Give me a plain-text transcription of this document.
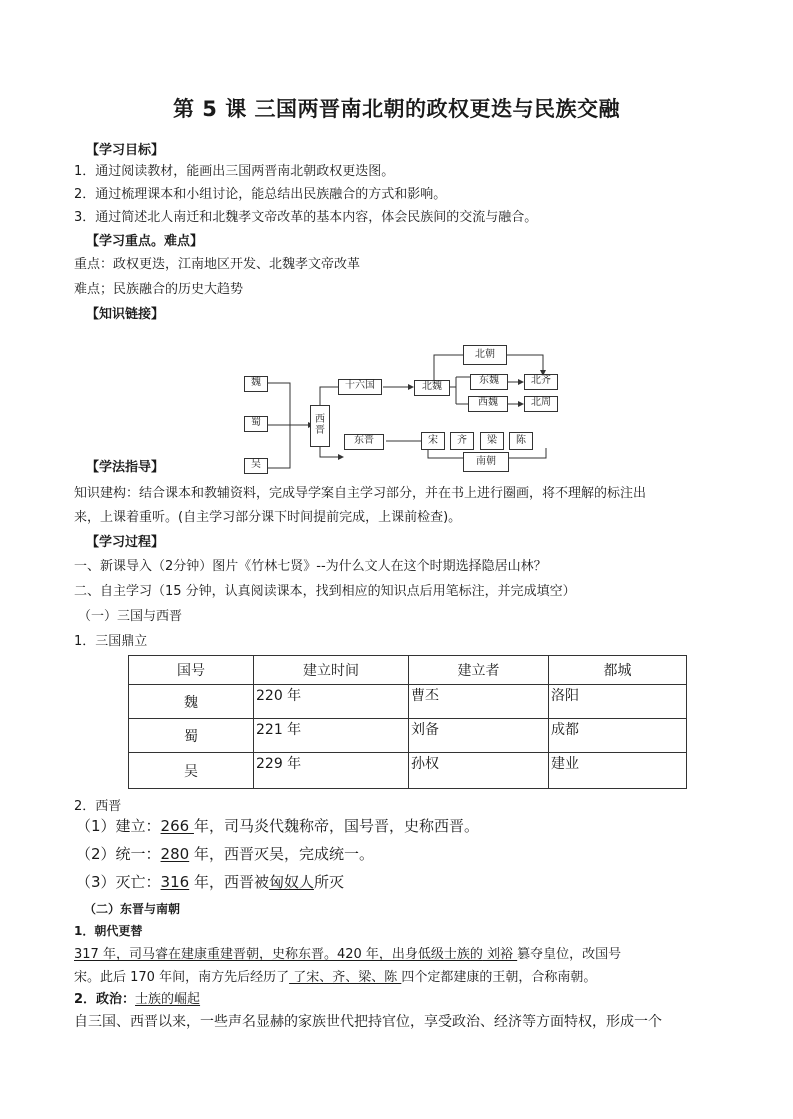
第 5 课 三国两晋南北朝的政权更迭与民族交融
【学习目标】
1．通过阅读教材，能画出三国两晋南北朝政权更迭图。
2．通过梳理课本和小组讨论，能总结出民族融合的方式和影响。
3．通过简述北人南迁和北魏孝文帝改革的基本内容，体会民族间的交流与融合。
【学习重点。难点】
重点：政权更迭，江南地区开发、北魏孝文帝改革
难点；民族融合的历史大趋势
【知识链接】
魏
蜀
吴
西晋
十六国	北魏
北朝
东魏
西魏
北齐
北周
东晋	宋	齐	梁	陈
南朝
【学法指导】
知识建构：结合课本和教辅资料，完成导学案自主学习部分，并在书上进行圈画，将不理解的标注出
来，上课着重听。(自主学习部分课下时间提前完成，上课前检查)。
【学习过程】
一、新课导入（2分钟）图片《竹林七贤》--为什么文人在这个时期选择隐居山林？
二、自主学习（15 分钟，认真阅读课本，找到相应的知识点后用笔标注，并完成填空）
（一）三国与西晋
1．三国鼎立
国号	建立时间	建立者	都城
魏	220 年	曹丕	洛阳
蜀	221 年	刘备	成都
吴	229 年	孙权	建业
2．西晋
（1）建立：266 年，司马炎代魏称帝，国号晋，史称西晋。
（2）统一：280 年，西晋灭吴，完成统一。
（3）灭亡：316 年，西晋被匈奴人所灭
（二）东晋与南朝
1．朝代更替
317 年，司马睿在建康重建晋朝，史称东晋。420 年，出身低级士族的 刘裕 篡夺皇位，改国号
宋。此后 170 年间，南方先后经历了 了宋、齐、梁、陈 四个定都建康的王朝，合称南朝。
2．政治：士族的崛起
自三国、西晋以来，一些声名显赫的家族世代把持官位，享受政治、经济等方面特权，形成一个
